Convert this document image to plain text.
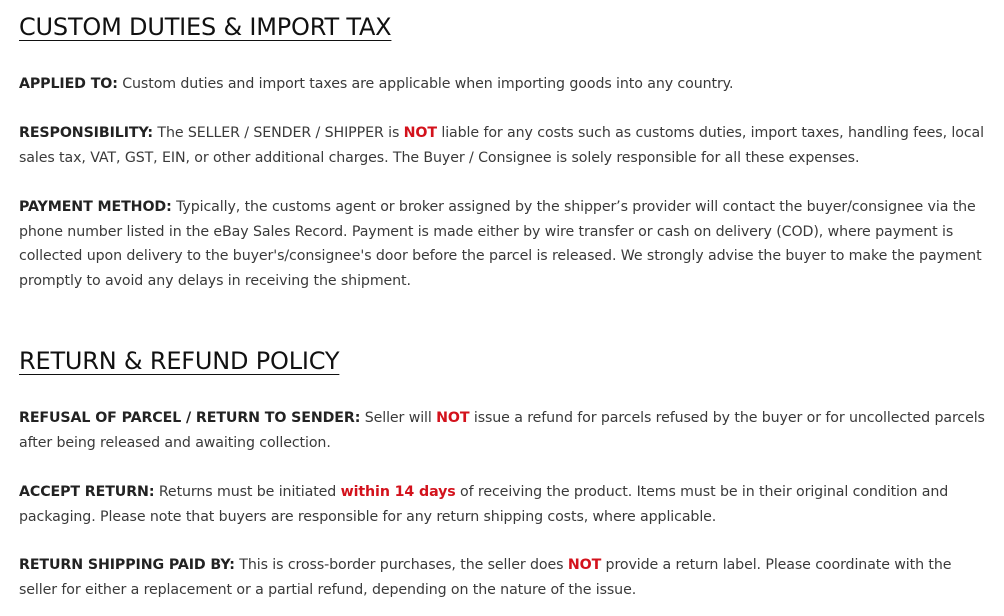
CUSTOM DUTIES & IMPORT TAX

APPLIED TO: Custom duties and import taxes are applicable when importing goods into any country.

RESPONSIBILITY: The SELLER / SENDER / SHIPPER is NOT liable for any costs such as customs duties, import taxes, handling fees, local sales tax, VAT, GST, EIN, or other additional charges. The Buyer / Consignee is solely responsible for all these expenses.

PAYMENT METHOD: Typically, the customs agent or broker assigned by the shipper’s provider will contact the buyer/consignee via the phone number listed in the eBay Sales Record. Payment is made either by wire transfer or cash on delivery (COD), where payment is collected upon delivery to the buyer's/consignee's door before the parcel is released. We strongly advise the buyer to make the payment promptly to avoid any delays in receiving the shipment.

RETURN & REFUND POLICY

REFUSAL OF PARCEL / RETURN TO SENDER: Seller will NOT issue a refund for parcels refused by the buyer or for uncollected parcels after being released and awaiting collection.

ACCEPT RETURN: Returns must be initiated within 14 days of receiving the product. Items must be in their original condition and packaging. Please note that buyers are responsible for any return shipping costs, where applicable.

RETURN SHIPPING PAID BY: This is cross-border purchases, the seller does NOT provide a return label. Please coordinate with the seller for either a replacement or a partial refund, depending on the nature of the issue.
